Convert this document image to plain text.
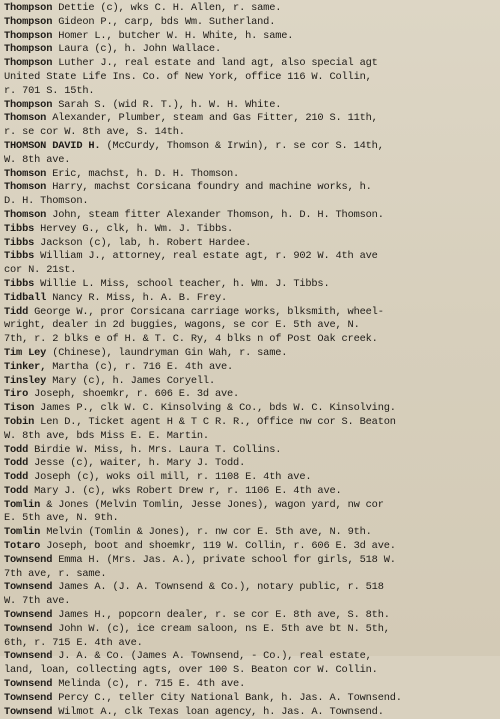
Thompson Dettie (c), wks C. H. Allen, r. same.
Thompson Gideon P., carp, bds Wm. Sutherland.
Thompson Homer L., butcher W. H. White, h. same.
Thompson Laura (c), h. John Wallace.
Thompson Luther J., real estate and land agt, also special agt
United State Life Ins. Co. of New York, office 116 W. Collin,
r. 701 S. 15th.
Thompson Sarah S. (wid R. T.), h. W. H. White.
Thomson Alexander, Plumber, steam and Gas Fitter, 210 S. 11th,
r. se cor W. 8th ave, S. 14th.
THOMSON DAVID H. (McCurdy, Thomson & Irwin), r. se cor S. 14th,
W. 8th ave.
Thomson Eric, machst, h. D. H. Thomson.
Thomson Harry, machst Corsicana foundry and machine works, h.
D. H. Thomson.
Thomson John, steam fitter Alexander Thomson, h. D. H. Thomson.
Tibbs Hervey G., clk, h. Wm. J. Tibbs.
Tibbs Jackson (c), lab, h. Robert Hardee.
Tibbs William J., attorney, real estate agt, r. 902 W. 4th ave
cor N. 21st.
Tibbs Willie L. Miss, school teacher, h. Wm. J. Tibbs.
Tidball Nancy R. Miss, h. A. B. Frey.
Tidd George W., pror Corsicana carriage works, blksmith, wheel-
wright, dealer in 2d buggies, wagons, se cor E. 5th ave, N.
7th, r. 2 blks e of H. & T. C. Ry, 4 blks n of Post Oak creek.
Tim Ley (Chinese), laundryman Gin Wah, r. same.
Tinker, Martha (c), r. 716 E. 4th ave.
Tinsley Mary (c), h. James Coryell.
Tiro Joseph, shoemkr, r. 606 E. 3d ave.
Tison James P., clk W. C. Kinsolving & Co., bds W. C. Kinsolving.
Tobin Len D., Ticket agent H & T C R. R., Office nw cor S. Beaton
W. 8th ave, bds Miss E. E. Martin.
Todd Birdie W. Miss, h. Mrs. Laura T. Collins.
Todd Jesse (c), waiter, h. Mary J. Todd.
Todd Joseph (c), woks oil mill, r. 1108 E. 4th ave.
Todd Mary J. (c), wks Robert Drew r, r. 1106 E. 4th ave.
Tomlin & Jones (Melvin Tomlin, Jesse Jones), wagon yard, nw cor
E. 5th ave, N. 9th.
Tomlin Melvin (Tomlin & Jones), r. nw cor E. 5th ave, N. 9th.
Totaro Joseph, boot and shoemkr, 119 W. Collin, r. 606 E. 3d ave.
Townsend Emma H. (Mrs. Jas. A.), private school for girls, 518 W.
7th ave, r. same.
Townsend James A. (J. A. Townsend & Co.), notary public, r. 518
W. 7th ave.
Townsend James H., popcorn dealer, r. se cor E. 8th ave, S. 8th.
Townsend John W. (c), ice cream saloon, ns E. 5th ave bt N. 5th,
6th, r. 715 E. 4th ave.
Townsend J. A. & Co. (James A. Townsend, - Co.), real estate,
land, loan, collecting agts, over 100 S. Beaton cor W. Collin.
Townsend Melinda (c), r. 715 E. 4th ave.
Townsend Percy C., teller City National Bank, h. Jas. A. Townsend.
Townsend Wilmot A., clk Texas loan agency, h. Jas. A. Townsend.
